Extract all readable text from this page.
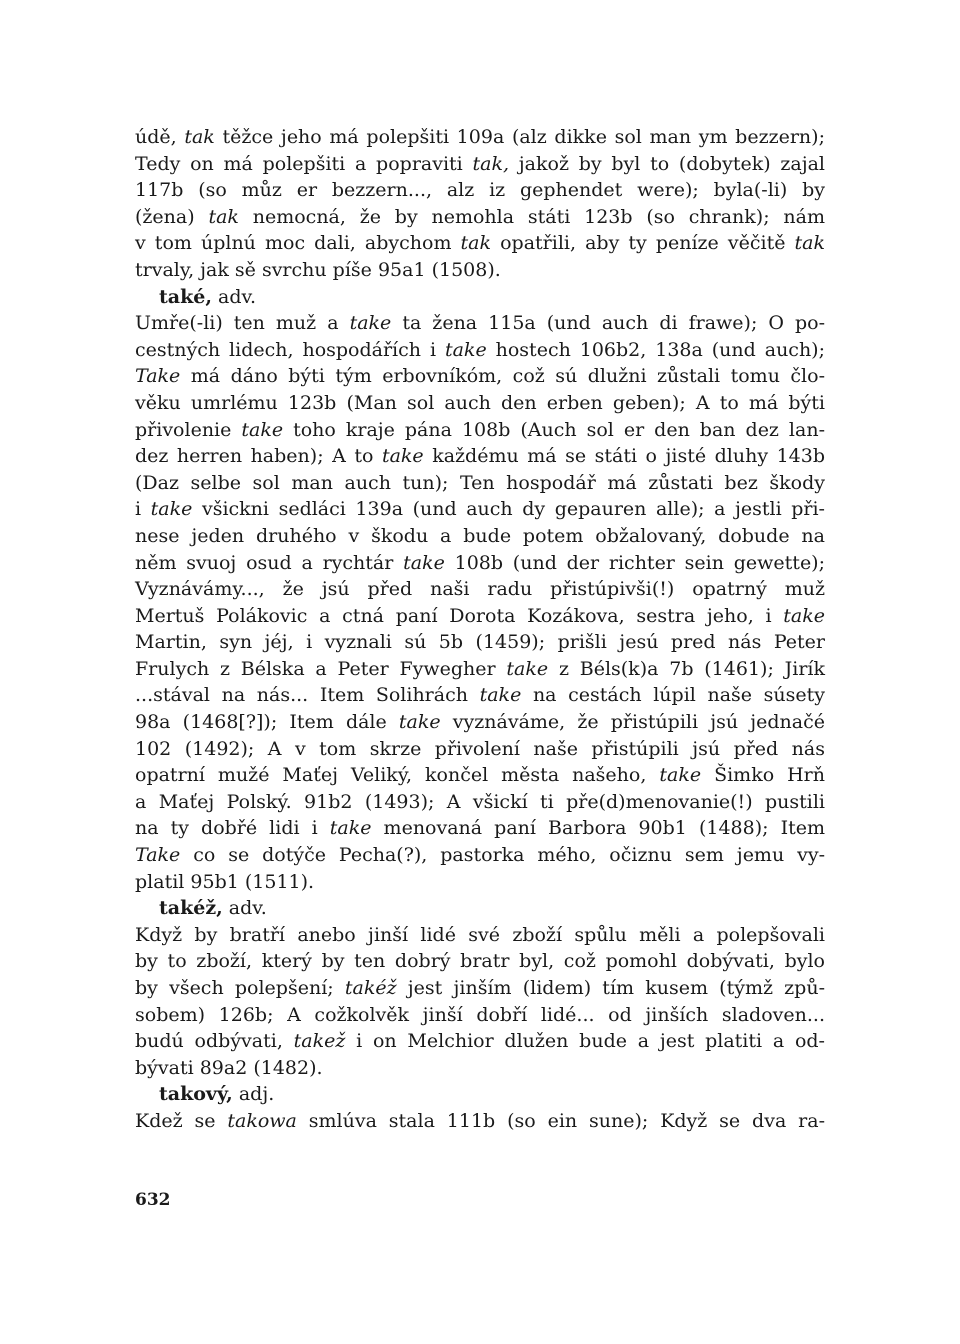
údě, tak těžce jeho má polepšiti 109a (alz dikke sol man ym bezzern);
Tedy on má polepšiti a popraviti tak, jakož by byl to (dobytek) zajal
117b (so můz er bezzern..., alz iz gephendet were); byla(-li) by
(žena) tak nemocná, že by nemohla státi 123b (so chrank); nám
v tom úplnú moc dali, abychom tak opatřili, aby ty peníze věčitě tak
trvaly, jak sě svrchu píše 95a1 (1508).
také, adv.
Umře(-li) ten muž a take ta žena 115a (und auch di frawe); O po-
cestných lidech, hospodářích i take hostech 106b2, 138a (und auch);
Take má dáno býti tým erbovníkóm, což sú dlužni zůstali tomu člo-
věku umrlému 123b (Man sol auch den erben geben); A to má býti
přivolenie take toho kraje pána 108b (Auch sol er den ban dez lan-
dez herren haben); A to take každému má se státi o jisté dluhy 143b
(Daz selbe sol man auch tun); Ten hospodář má zůstati bez škody
i take všickni sedláci 139a (und auch dy gepauren alle); a jestli při-
nese jeden druhého v škodu a bude potem obžalovaný, dobude na
něm svuoj osud a rychtár take 108b (und der richter sein gewette);
Vyznávámy..., že jsú před naši radu přistúpivši(!) opatrný muž
Mertuš Polákovic a ctná paní Dorota Kozákova, sestra jeho, i take
Martin, syn jéj, i vyznali sú 5b (1459); prišli jesú pred nás Peter
Frulych z Bélska a Peter Fywegher take z Béls(k)a 7b (1461); Jirík
...stával na nás... Item Solihrách take na cestách lúpil naše súsety
98a (1468[?]); Item dále take vyznáváme, že přistúpili jsú jednačé
102 (1492); A v tom skrze přivolení naše přistúpili jsú před nás
opatrní mužé Maťej Veliký, končel města našeho, take Šimko Hrň
a Maťej Polský. 91b2 (1493); A všickí ti pře(d)menovanie(!) pustili
na ty dobřé lidi i take menovaná paní Barbora 90b1 (1488); Item
Take co se dotýče Pecha(?), pastorka mého, očiznu sem jemu vy-
platil 95b1 (1511).
takéž, adv.
Když by bratří anebo jinší lidé své zboží spůlu měli a polepšovali
by to zboží, který by ten dobrý bratr byl, což pomohl dobývati, bylo
by všech polepšení; takéž jest jinším (lidem) tím kusem (týmž způ-
sobem) 126b; A cožkolvěk jinší dobří lidé... od jinších sladoven...
budú odbývati, takež i on Melchior dlužen bude a jest platiti a od-
bývati 89a2 (1482).
takový, adj.
Kdež se takowa smlúva stala 111b (so ein sune); Když se dva ra-
632
